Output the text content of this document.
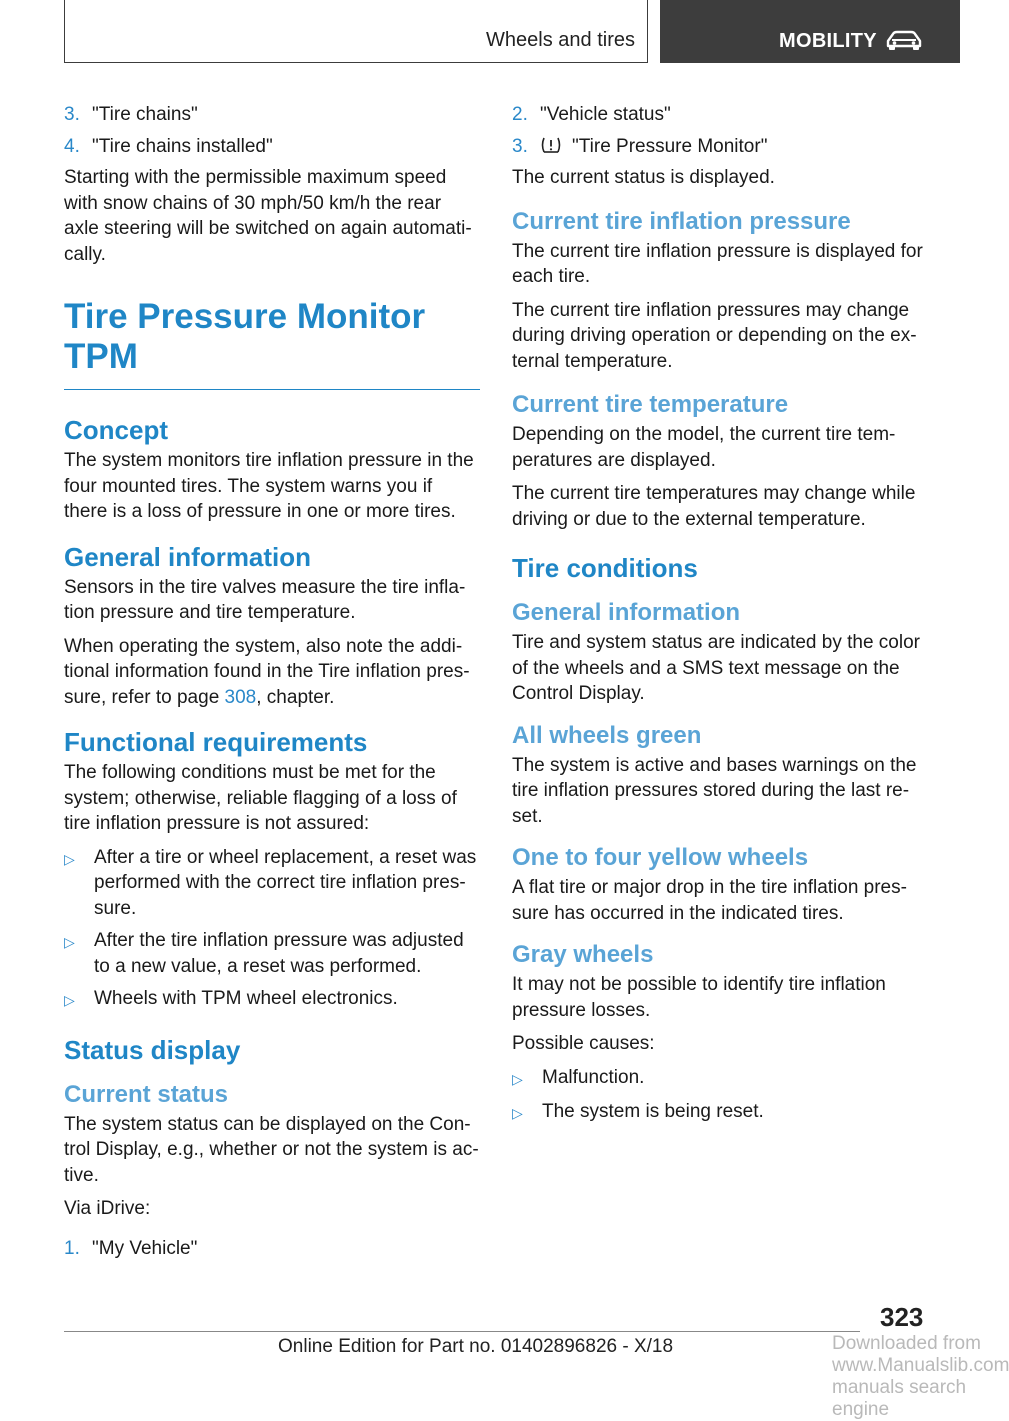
Wheels and tires	MOBILITY
3. "Tire chains"
4. "Tire chains installed"

Starting with the permissible maximum speed with snow chains of 30 mph/50 km/h the rear axle steering will be switched on again automati-cally.

Tire Pressure Monitor TPM
Concept

The system monitors tire inflation pressure in the four mounted tires. The system warns you if there is a loss of pressure in one or more tires.

General information

Sensors in the tire valves measure the tire infla-tion pressure and tire temperature.

When operating the system, also note the addi-tional information found in the Tire inflation pres-sure, refer to page 308, chapter.

Functional requirements

The following conditions must be met for the system; otherwise, reliable flagging of a loss of tire inflation pressure is not assured:

▷	After a tire or wheel replacement, a reset was performed with the correct tire inflation pres-sure.
▷	After the tire inflation pressure was adjusted to a new value, a reset was performed.
▷	Wheels with TPM wheel electronics.
Status display
Current status

The system status can be displayed on the Con-trol Display, e.g., whether or not the system is ac-tive.

Via iDrive:

1. "My Vehicle"
2. "Vehicle status"
3.	"Tire Pressure Monitor"

The current status is displayed.

Current tire inflation pressure

The current tire inflation pressure is displayed for each tire.

The current tire inflation pressures may change during driving operation or depending on the ex-ternal temperature.

Current tire temperature

Depending on the model, the current tire tem-peratures are displayed.

The current tire temperatures may change while driving or due to the external temperature.

Tire conditions
General information

Tire and system status are indicated by the color of the wheels and a SMS text message on the Control Display.

All wheels green

The system is active and bases warnings on the tire inflation pressures stored during the last re-set.

One to four yellow wheels

A flat tire or major drop in the tire inflation pres-sure has occurred in the indicated tires.

Gray wheels

It may not be possible to identify tire inflation pressure losses.

Possible causes:

▷	Malfunction.
▷	The system is being reset.
323
Online Edition for Part no. 01402896826 - X/18	Downloaded from www.Manualslib.com manuals search engine
